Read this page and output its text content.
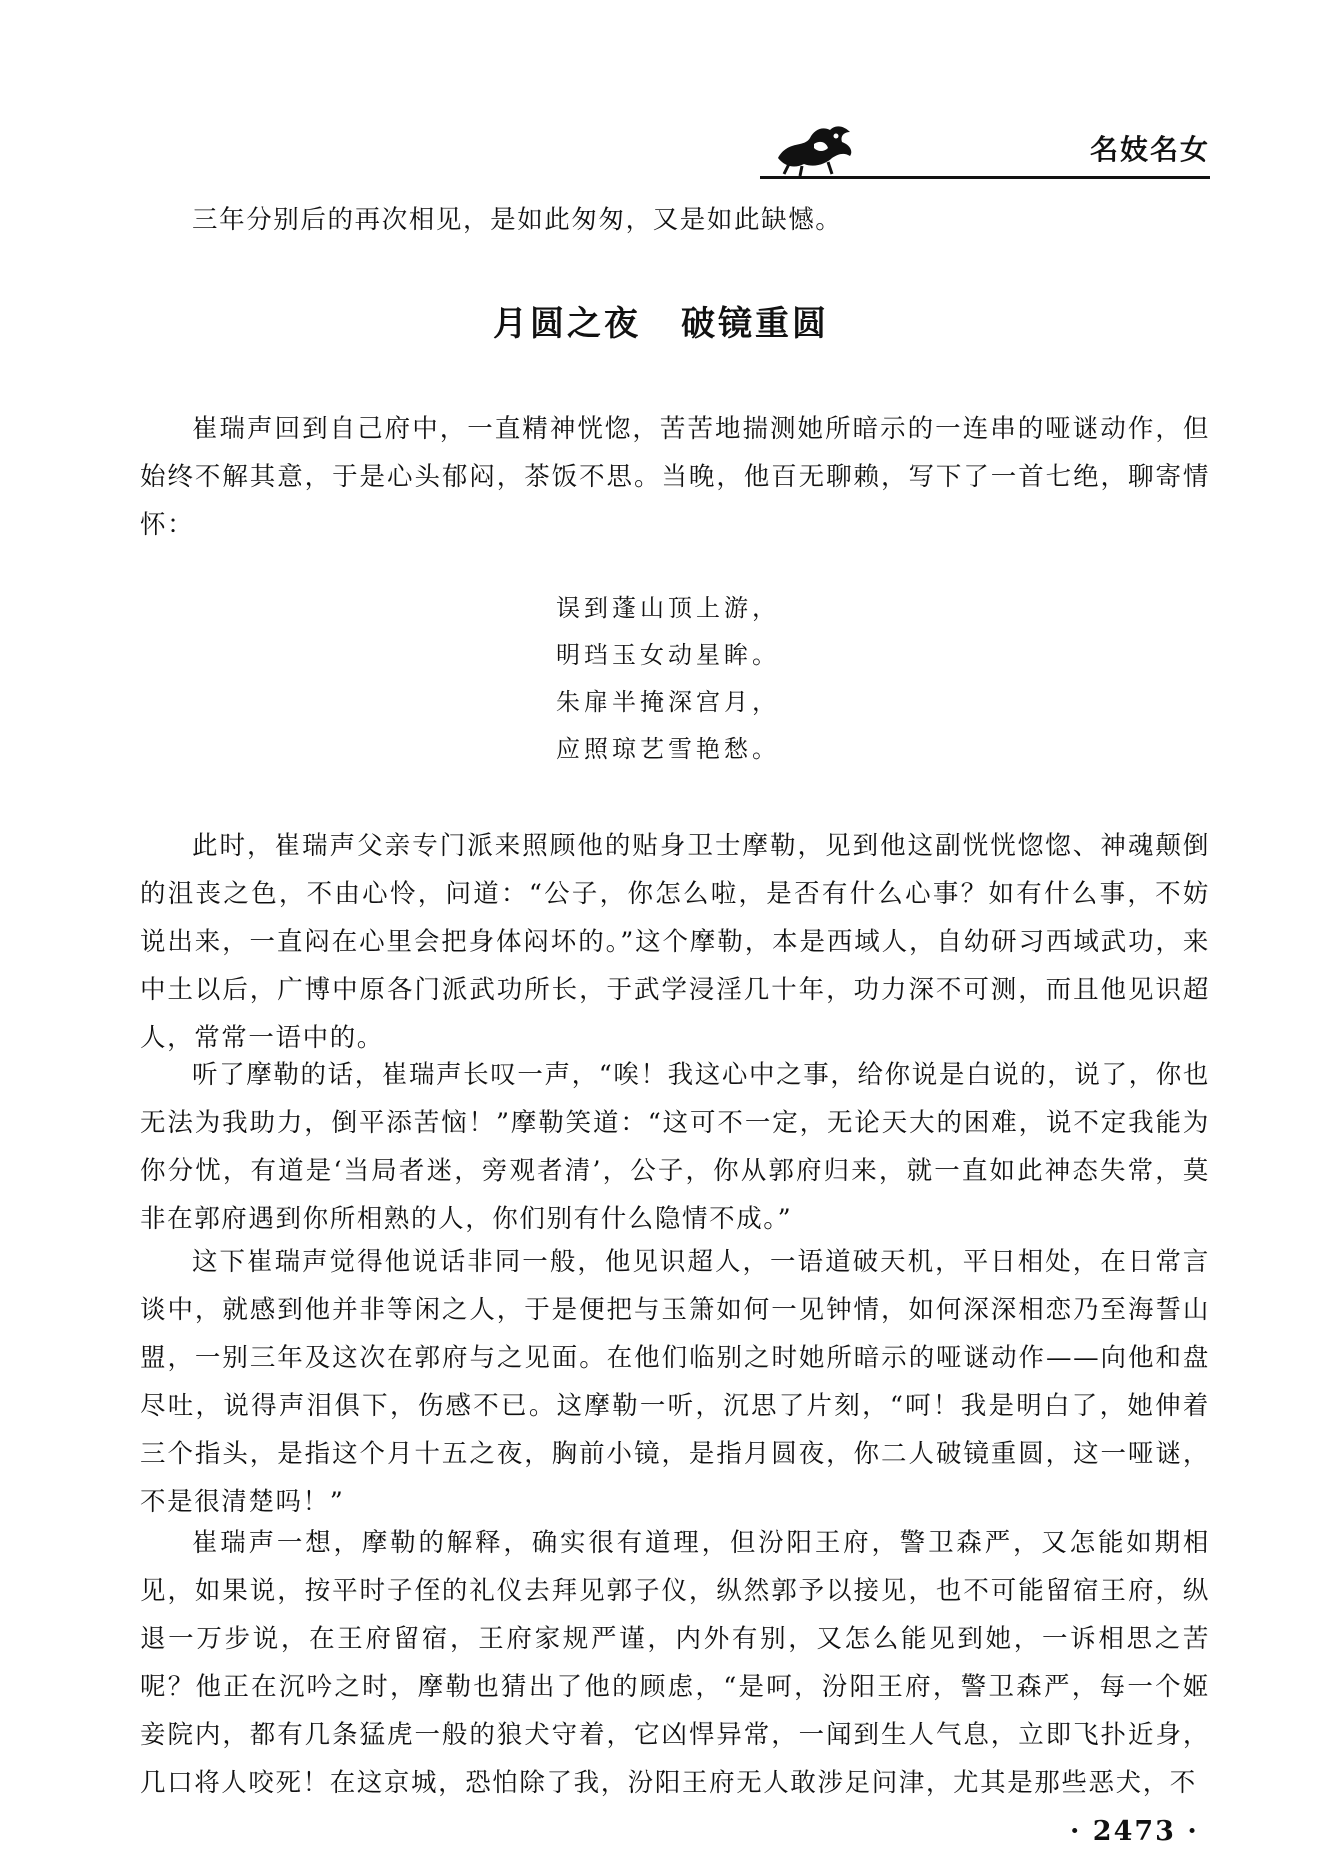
名妓名女

三年分别后的再次相见，是如此匆匆，又是如此缺憾。

月圆之夜 破镜重圆

崔瑞声回到自己府中，一直精神恍惚，苦苦地揣测她所暗示的一连串的哑谜动作，但始终不解其意，于是心头郁闷，茶饭不思。当晚，他百无聊赖，写下了一首七绝，聊寄情怀：

误到蓬山顶上游，
明珰玉女动星眸。
朱扉半掩深宫月，
应照琼艺雪艳愁。

此时，崔瑞声父亲专门派来照顾他的贴身卫士摩勒，见到他这副恍恍惚惚、神魂颠倒的沮丧之色，不由心怜，问道：“公子，你怎么啦，是否有什么心事？如有什么事，不妨说出来，一直闷在心里会把身体闷坏的。”这个摩勒，本是西域人，自幼研习西域武功，来中土以后，广博中原各门派武功所长，于武学浸淫几十年，功力深不可测，而且他见识超人，常常一语中的。

听了摩勒的话，崔瑞声长叹一声，“唉！我这心中之事，给你说是白说的，说了，你也无法为我助力，倒平添苦恼！”摩勒笑道：“这可不一定，无论天大的困难，说不定我能为你分忧，有道是‘当局者迷，旁观者清’，公子，你从郭府归来，就一直如此神态失常，莫非在郭府遇到你所相熟的人，你们别有什么隐情不成。”

这下崔瑞声觉得他说话非同一般，他见识超人，一语道破天机，平日相处，在日常言谈中，就感到他并非等闲之人，于是便把与玉箫如何一见钟情，如何深深相恋乃至海誓山盟，一别三年及这次在郭府与之见面。在他们临别之时她所暗示的哑谜动作——向他和盘尽吐，说得声泪俱下，伤感不已。这摩勒一听，沉思了片刻，“呵！我是明白了，她伸着三个指头，是指这个月十五之夜，胸前小镜，是指月圆夜，你二人破镜重圆，这一哑谜，不是很清楚吗！”

崔瑞声一想，摩勒的解释，确实很有道理，但汾阳王府，警卫森严，又怎能如期相见，如果说，按平时子侄的礼仪去拜见郭子仪，纵然郭予以接见，也不可能留宿王府，纵退一万步说，在王府留宿，王府家规严谨，内外有别，又怎么能见到她，一诉相思之苦呢？他正在沉吟之时，摩勒也猜出了他的顾虑，“是呵，汾阳王府，警卫森严，每一个姬妾院内，都有几条猛虎一般的狼犬守着，它凶悍异常，一闻到生人气息，立即飞扑近身，几口将人咬死！在这京城，恐怕除了我，汾阳王府无人敢涉足问津，尤其是那些恶犬，不

· 2473 ·
